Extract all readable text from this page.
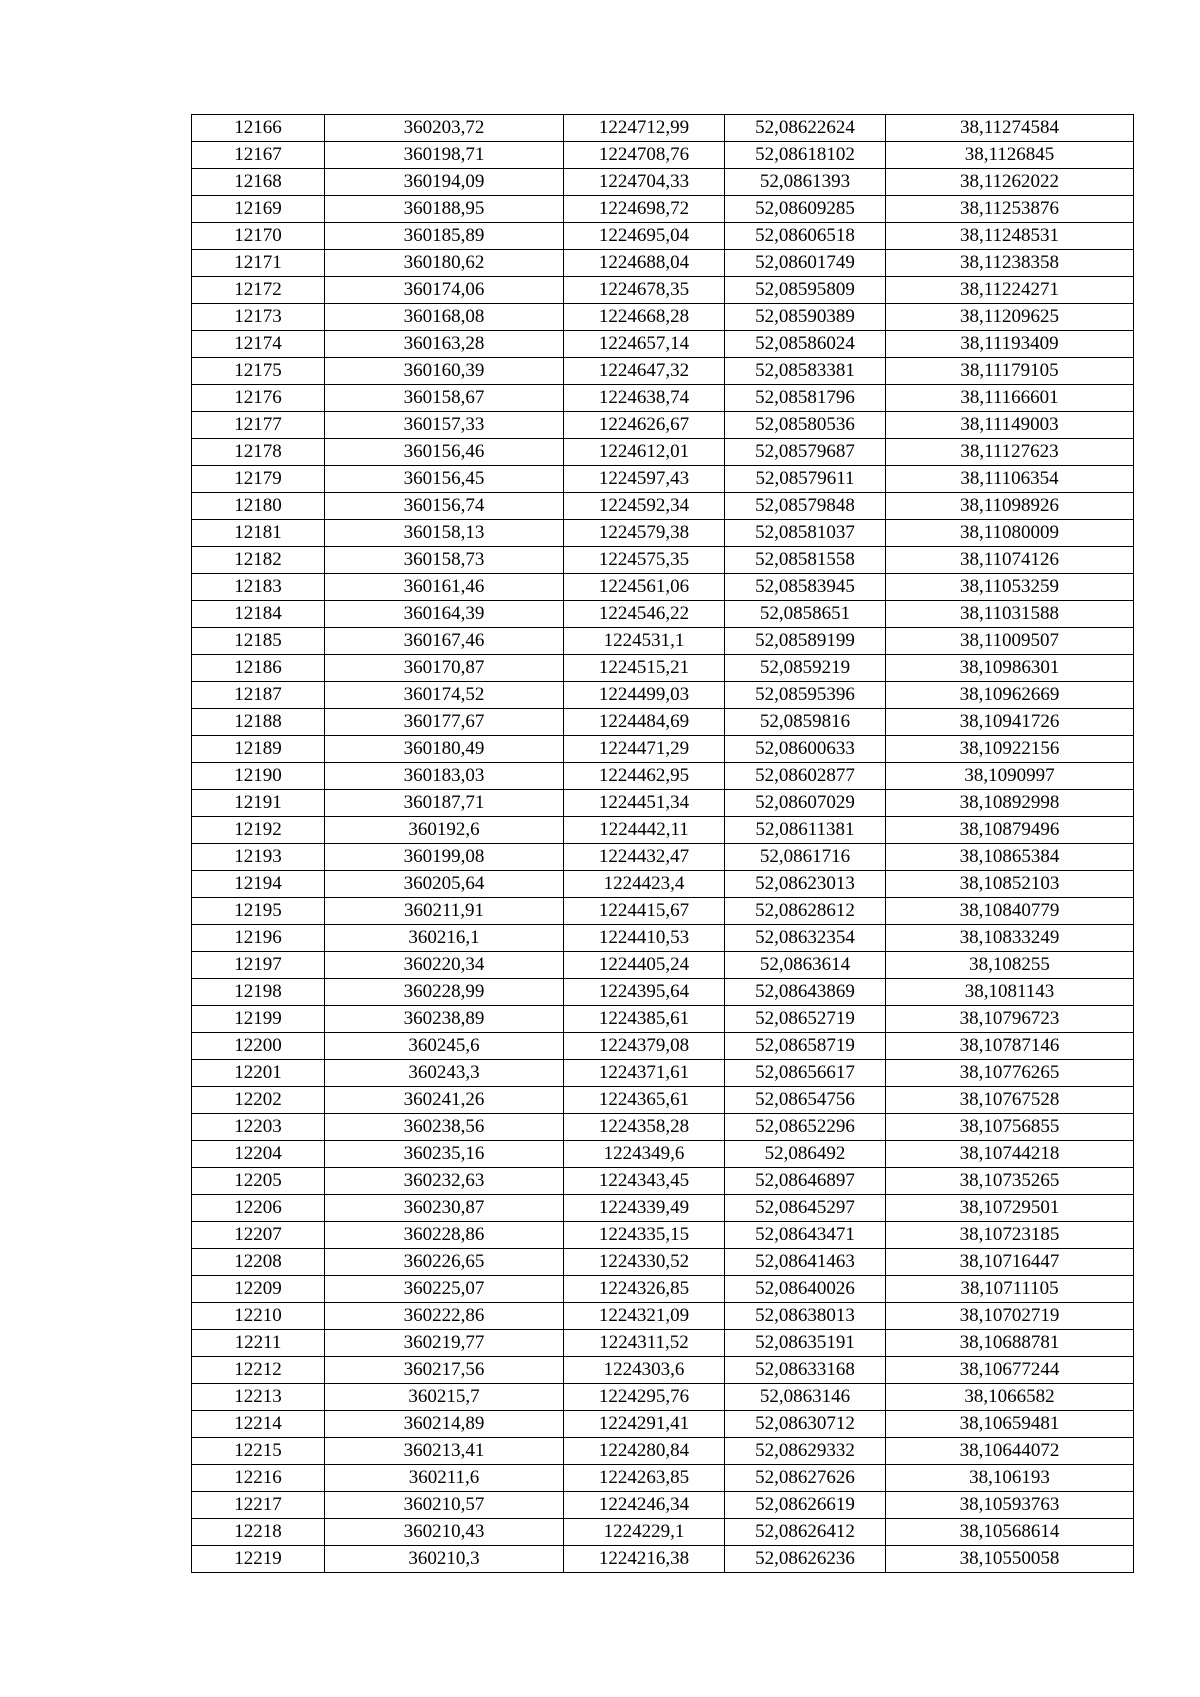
12166	360203,72	1224712,99	52,08622624	38,11274584
12167	360198,71	1224708,76	52,08618102	38,1126845
12168	360194,09	1224704,33	52,0861393	38,11262022
12169	360188,95	1224698,72	52,08609285	38,11253876
12170	360185,89	1224695,04	52,08606518	38,11248531
12171	360180,62	1224688,04	52,08601749	38,11238358
12172	360174,06	1224678,35	52,08595809	38,11224271
12173	360168,08	1224668,28	52,08590389	38,11209625
12174	360163,28	1224657,14	52,08586024	38,11193409
12175	360160,39	1224647,32	52,08583381	38,11179105
12176	360158,67	1224638,74	52,08581796	38,11166601
12177	360157,33	1224626,67	52,08580536	38,11149003
12178	360156,46	1224612,01	52,08579687	38,11127623
12179	360156,45	1224597,43	52,08579611	38,11106354
12180	360156,74	1224592,34	52,08579848	38,11098926
12181	360158,13	1224579,38	52,08581037	38,11080009
12182	360158,73	1224575,35	52,08581558	38,11074126
12183	360161,46	1224561,06	52,08583945	38,11053259
12184	360164,39	1224546,22	52,0858651	38,11031588
12185	360167,46	1224531,1	52,08589199	38,11009507
12186	360170,87	1224515,21	52,0859219	38,10986301
12187	360174,52	1224499,03	52,08595396	38,10962669
12188	360177,67	1224484,69	52,0859816	38,10941726
12189	360180,49	1224471,29	52,08600633	38,10922156
12190	360183,03	1224462,95	52,08602877	38,1090997
12191	360187,71	1224451,34	52,08607029	38,10892998
12192	360192,6	1224442,11	52,08611381	38,10879496
12193	360199,08	1224432,47	52,0861716	38,10865384
12194	360205,64	1224423,4	52,08623013	38,10852103
12195	360211,91	1224415,67	52,08628612	38,10840779
12196	360216,1	1224410,53	52,08632354	38,10833249
12197	360220,34	1224405,24	52,0863614	38,108255
12198	360228,99	1224395,64	52,08643869	38,1081143
12199	360238,89	1224385,61	52,08652719	38,10796723
12200	360245,6	1224379,08	52,08658719	38,10787146
12201	360243,3	1224371,61	52,08656617	38,10776265
12202	360241,26	1224365,61	52,08654756	38,10767528
12203	360238,56	1224358,28	52,08652296	38,10756855
12204	360235,16	1224349,6	52,086492	38,10744218
12205	360232,63	1224343,45	52,08646897	38,10735265
12206	360230,87	1224339,49	52,08645297	38,10729501
12207	360228,86	1224335,15	52,08643471	38,10723185
12208	360226,65	1224330,52	52,08641463	38,10716447
12209	360225,07	1224326,85	52,08640026	38,10711105
12210	360222,86	1224321,09	52,08638013	38,10702719
12211	360219,77	1224311,52	52,08635191	38,10688781
12212	360217,56	1224303,6	52,08633168	38,10677244
12213	360215,7	1224295,76	52,0863146	38,1066582
12214	360214,89	1224291,41	52,08630712	38,10659481
12215	360213,41	1224280,84	52,08629332	38,10644072
12216	360211,6	1224263,85	52,08627626	38,106193
12217	360210,57	1224246,34	52,08626619	38,10593763
12218	360210,43	1224229,1	52,08626412	38,10568614
12219	360210,3	1224216,38	52,08626236	38,10550058
